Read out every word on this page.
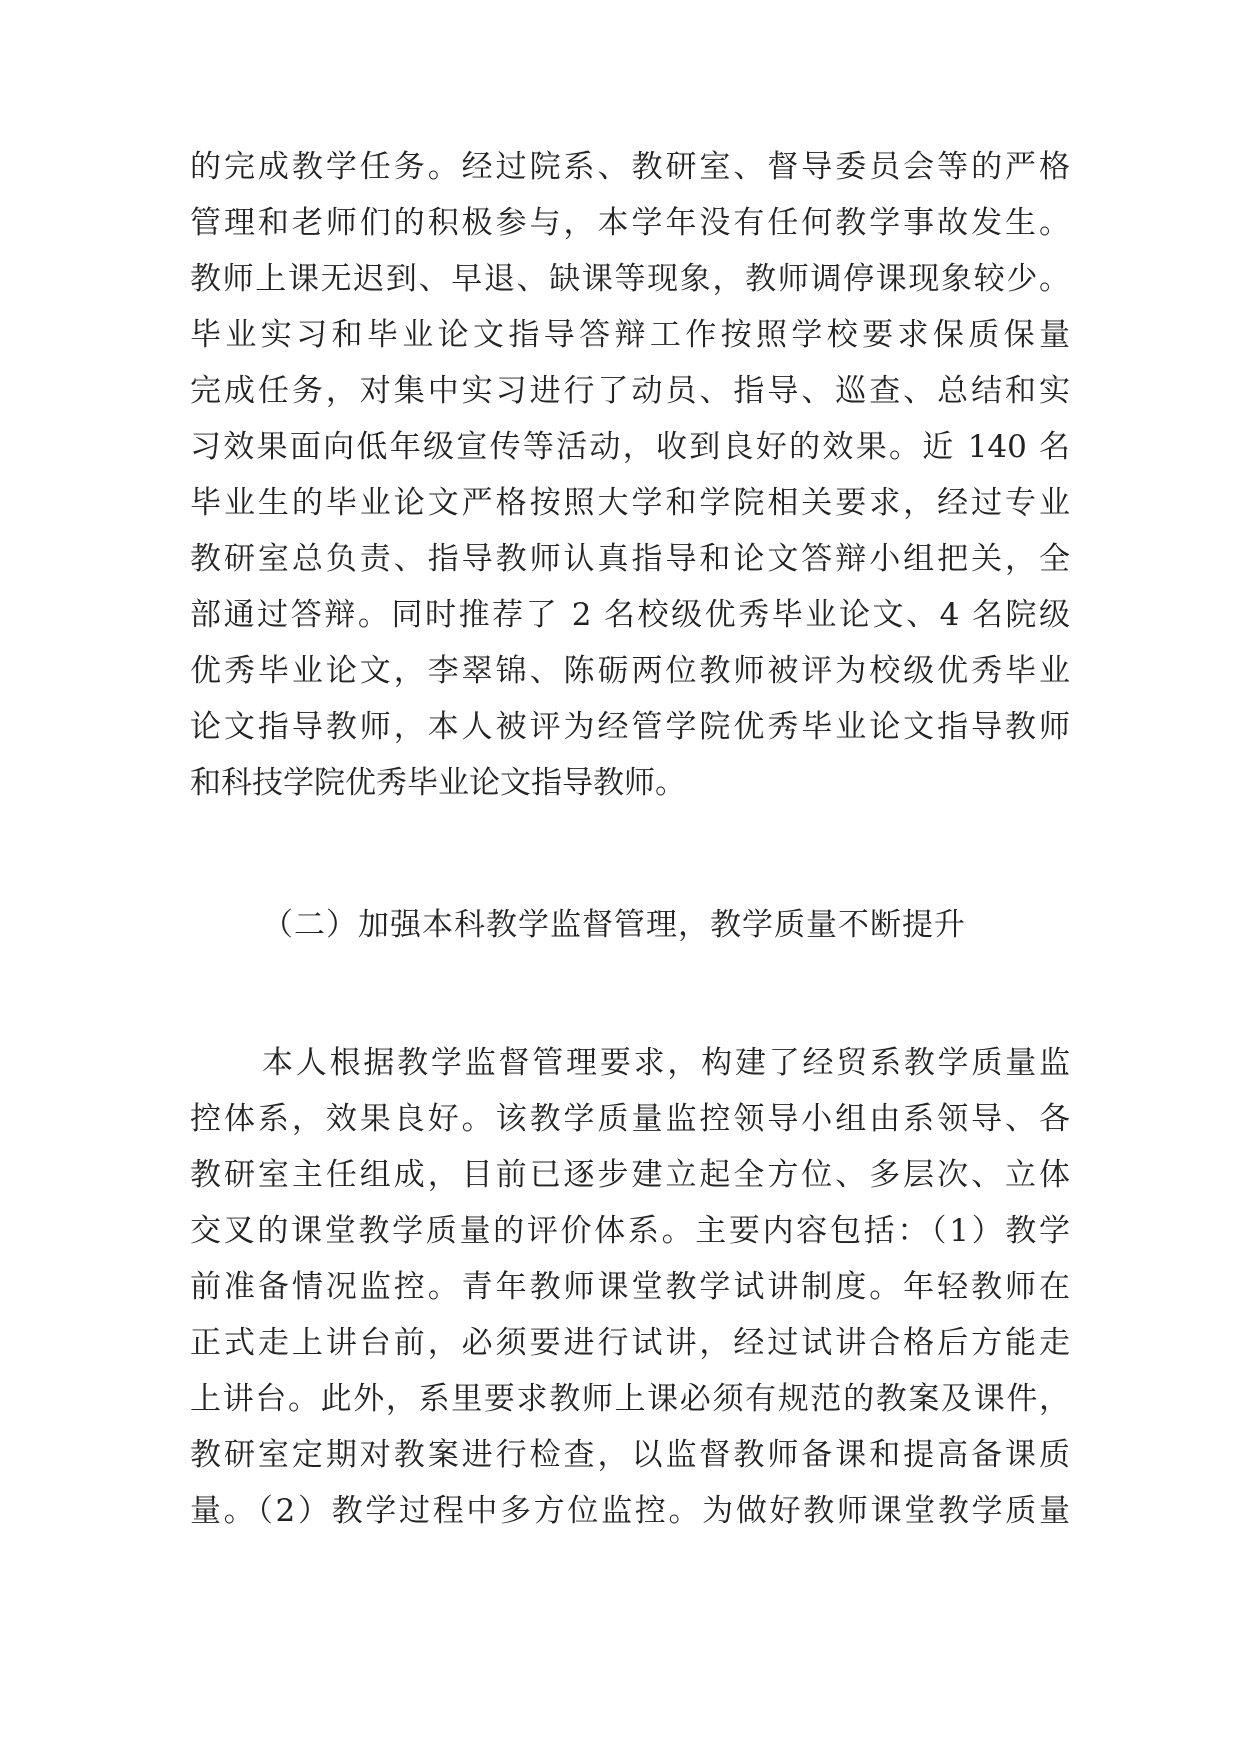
的完成教学任务。经过院系、教研室、督导委员会等的严格

管理和老师们的积极参与，本学年没有任何教学事故发生。

教师上课无迟到、早退、缺课等现象，教师调停课现象较少。

毕业实习和毕业论文指导答辩工作按照学校要求保质保量

完成任务，对集中实习进行了动员、指导、巡查、总结和实

习效果面向低年级宣传等活动，收到良好的效果。近 140 名

毕业生的毕业论文严格按照大学和学院相关要求，经过专业

教研室总负责、指导教师认真指导和论文答辩小组把关，全

部通过答辩。同时推荐了 2 名校级优秀毕业论文、4 名院级

优秀毕业论文，李翠锦、陈砺两位教师被评为校级优秀毕业

论文指导教师，本人被评为经管学院优秀毕业论文指导教师

和科技学院优秀毕业论文指导教师。

（二）加强本科教学监督管理，教学质量不断提升

本人根据教学监督管理要求，构建了经贸系教学质量监

控体系，效果良好。该教学质量监控领导小组由系领导、各

教研室主任组成，目前已逐步建立起全方位、多层次、立体

交叉的课堂教学质量的评价体系。主要内容包括：（1）教学

前准备情况监控。青年教师课堂教学试讲制度。年轻教师在

正式走上讲台前，必须要进行试讲，经过试讲合格后方能走

上讲台。此外，系里要求教师上课必须有规范的教案及课件，

教研室定期对教案进行检查，以监督教师备课和提高备课质

量。（2）教学过程中多方位监控。为做好教师课堂教学质量
